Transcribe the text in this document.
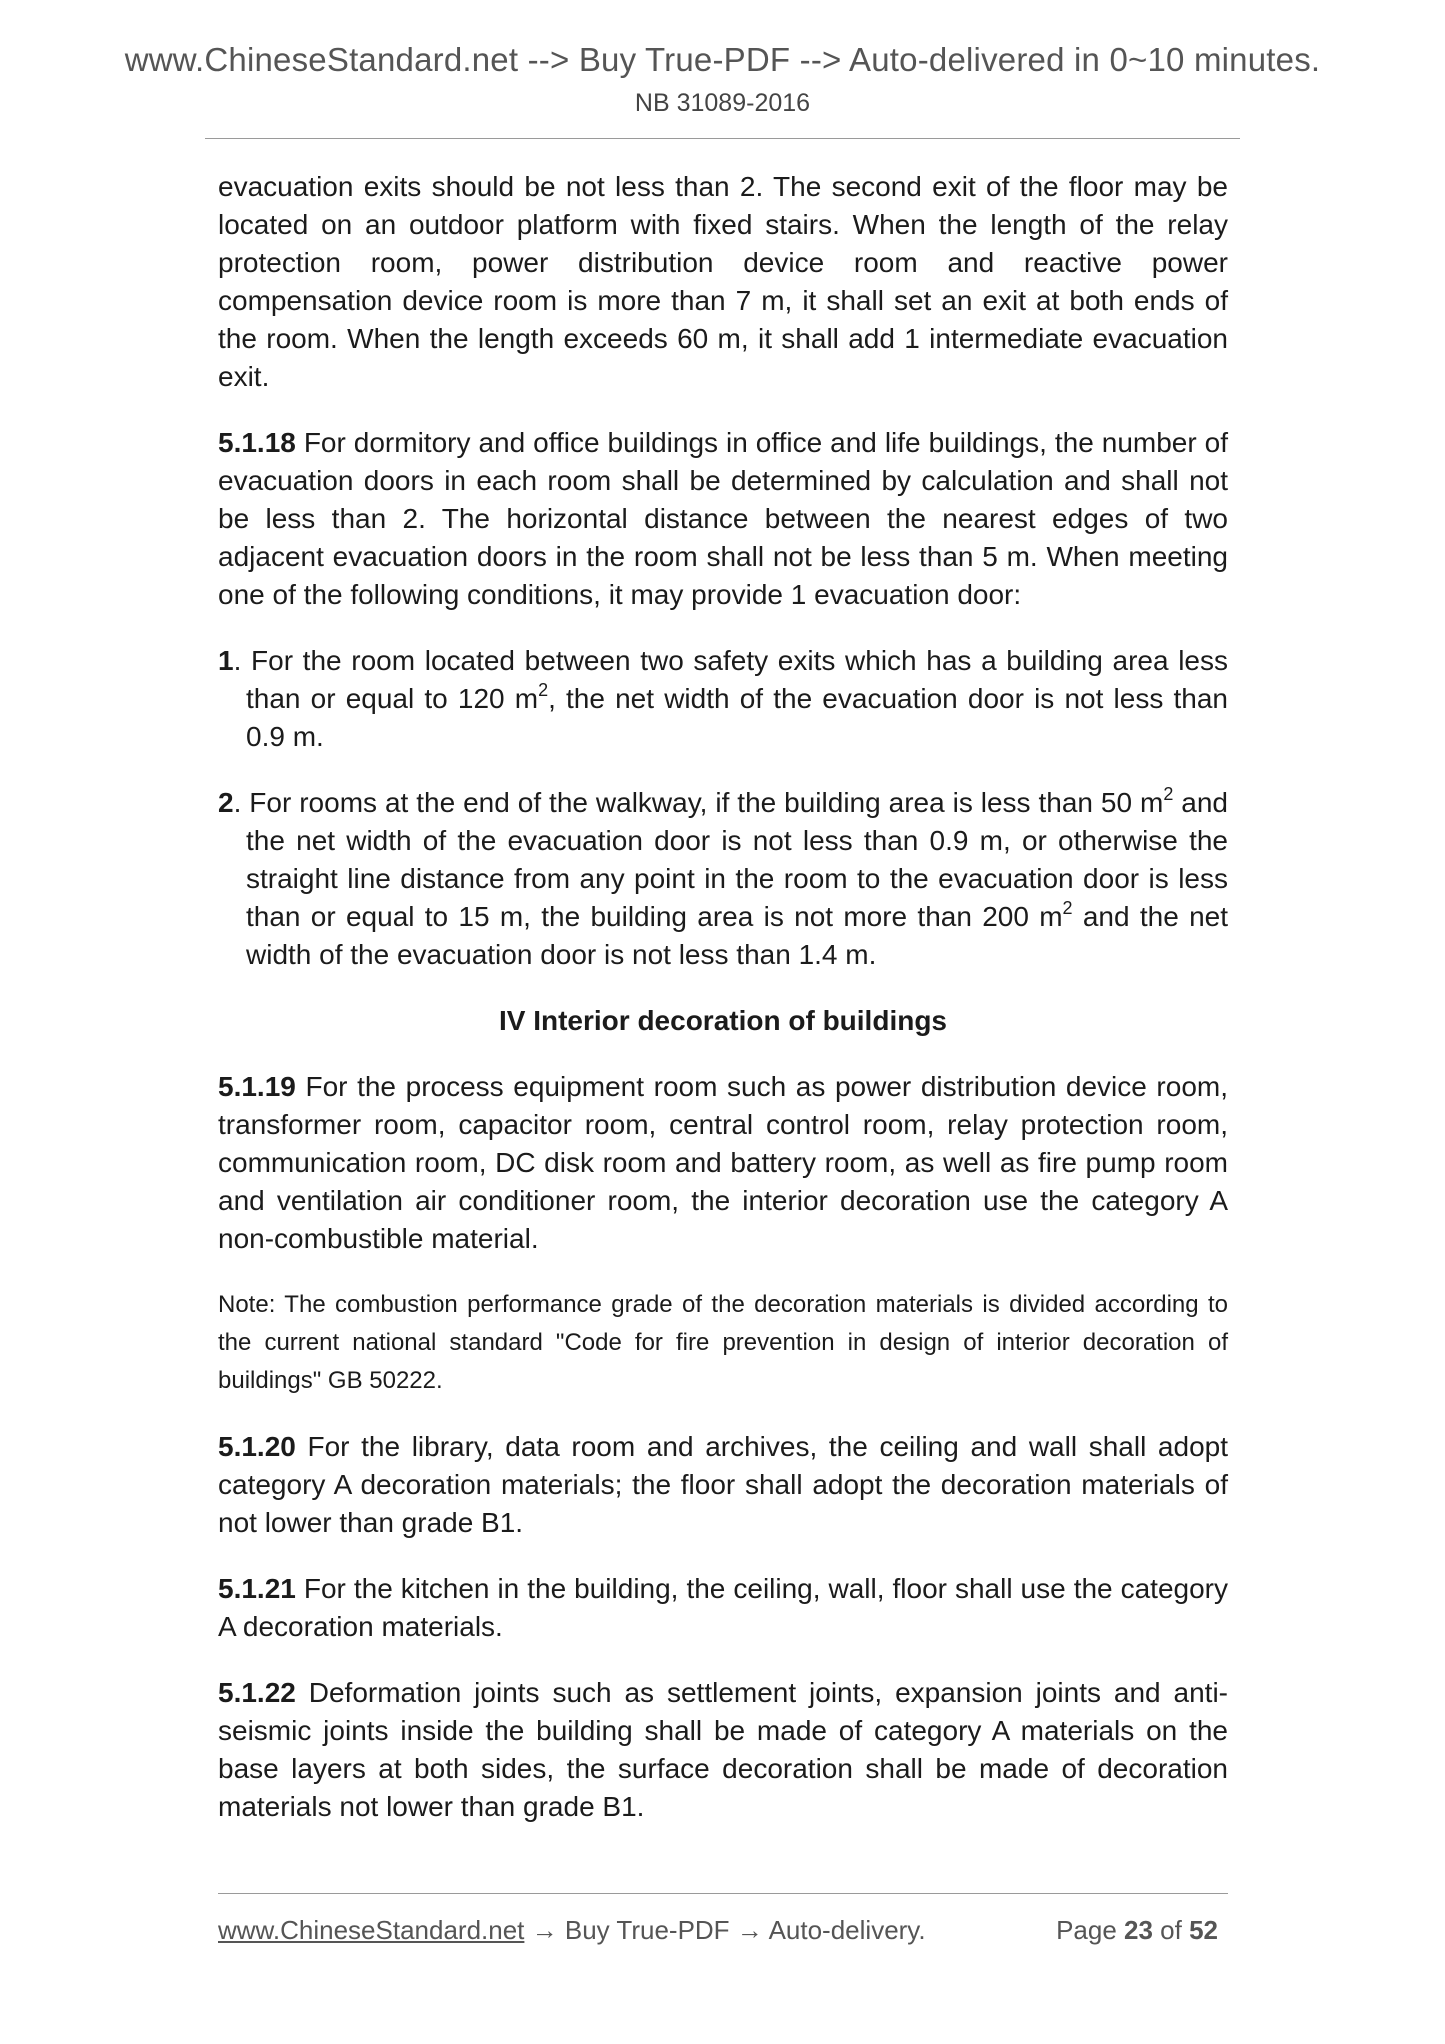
www.ChineseStandard.net --> Buy True-PDF --> Auto-delivered in 0~10 minutes.
NB 31089-2016

evacuation exits should be not less than 2. The second exit of the floor may be located on an outdoor platform with fixed stairs. When the length of the relay protection room, power distribution device room and reactive power compensation device room is more than 7 m, it shall set an exit at both ends of the room. When the length exceeds 60 m, it shall add 1 intermediate evacuation exit.

5.1.18 For dormitory and office buildings in office and life buildings, the number of evacuation doors in each room shall be determined by calculation and shall not be less than 2. The horizontal distance between the nearest edges of two adjacent evacuation doors in the room shall not be less than 5 m. When meeting one of the following conditions, it may provide 1 evacuation door:

1. For the room located between two safety exits which has a building area less than or equal to 120 $m^2$, the net width of the evacuation door is not less than 0.9 m.

2. For rooms at the end of the walkway, if the building area is less than 50 $m^2$ and the net width of the evacuation door is not less than 0.9 m, or otherwise the straight line distance from any point in the room to the evacuation door is less than or equal to 15 m, the building area is not more than 200 $m^2$ and the net width of the evacuation door is not less than 1.4 m.

IV Interior decoration of buildings

5.1.19 For the process equipment room such as power distribution device room, transformer room, capacitor room, central control room, relay protection room, communication room, DC disk room and battery room, as well as fire pump room and ventilation air conditioner room, the interior decoration use the category A non-combustible material.

Note: The combustion performance grade of the decoration materials is divided according to the current national standard "Code for fire prevention in design of interior decoration of buildings" GB 50222.

5.1.20 For the library, data room and archives, the ceiling and wall shall adopt category A decoration materials; the floor shall adopt the decoration materials of not lower than grade B1.

5.1.21 For the kitchen in the building, the ceiling, wall, floor shall use the category A decoration materials.

5.1.22 Deformation joints such as settlement joints, expansion joints and anti-seismic joints inside the building shall be made of category A materials on the base layers at both sides, the surface decoration shall be made of decoration materials not lower than grade B1.

www.ChineseStandard.net → Buy True-PDF → Auto-delivery.	Page 23 of 52
